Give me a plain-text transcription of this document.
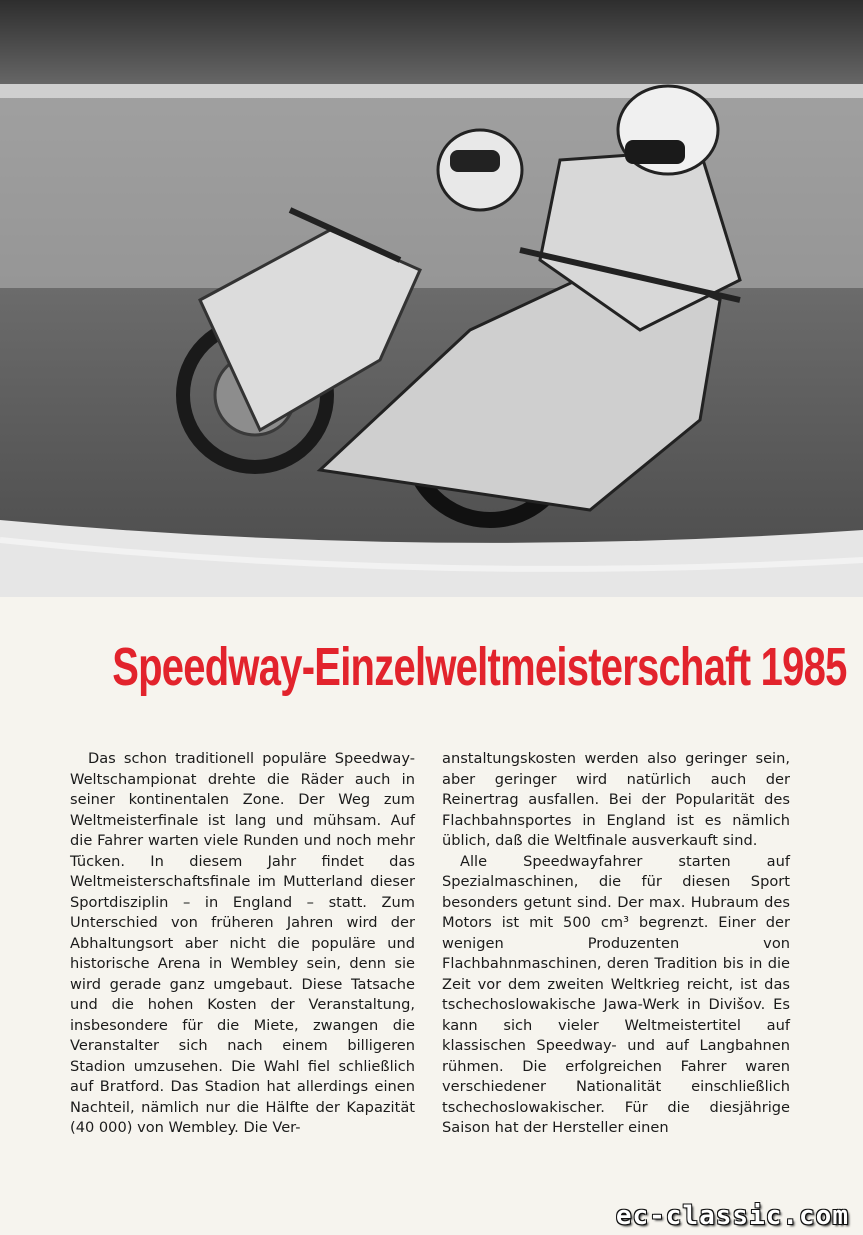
Speedway-Einzelweltmeisterschaft 1985

Das schon traditionell populäre Speedway-Weltschampionat drehte die Räder auch in seiner kontinentalen Zone. Der Weg zum Weltmeisterfinale ist lang und mühsam. Auf die Fahrer warten viele Runden und noch mehr Tücken. In diesem Jahr findet das Weltmeisterschaftsfinale im Mutterland dieser Sportdisziplin – in England – statt. Zum Unterschied von früheren Jahren wird der Abhaltungsort aber nicht die populäre und historische Arena in Wembley sein, denn sie wird gerade ganz umgebaut. Diese Tatsache und die hohen Kosten der Veranstaltung, insbesondere für die Miete, zwangen die Veranstalter sich nach einem billigeren Stadion umzusehen. Die Wahl fiel schließlich auf Bratford. Das Stadion hat allerdings einen Nachteil, nämlich nur die Hälfte der Kapazität (40 000) von Wembley. Die Ver-

anstaltungskosten werden also geringer sein, aber geringer wird natürlich auch der Reinertrag ausfallen. Bei der Popularität des Flachbahnsportes in England ist es nämlich üblich, daß die Weltfinale ausverkauft sind.

Alle Speedwayfahrer starten auf Spezialmaschinen, die für diesen Sport besonders getunt sind. Der max. Hubraum des Motors ist mit 500 cm³ begrenzt. Einer der wenigen Produzenten von Flachbahnmaschinen, deren Tradition bis in die Zeit vor dem zweiten Weltkrieg reicht, ist das tschechoslowakische Jawa-Werk in Divišov. Es kann sich vieler Weltmeistertitel auf klassischen Speedway- und auf Langbahnen rühmen. Die erfolgreichen Fahrer waren verschiedener Nationalität einschließlich tschechoslowakischer. Für die diesjährige Saison hat der Hersteller einen

ec-classic.com
